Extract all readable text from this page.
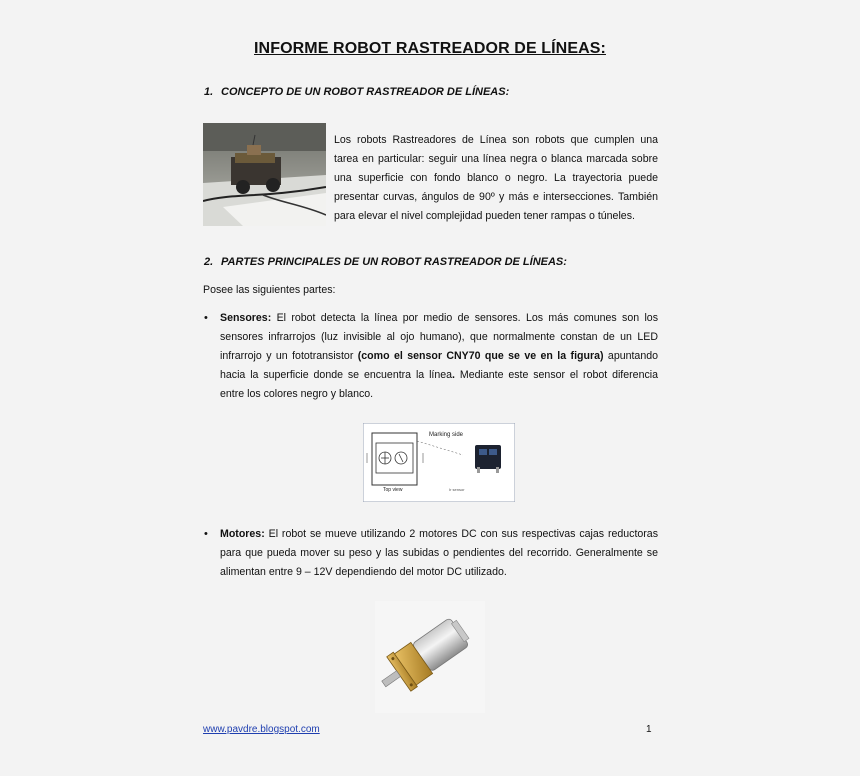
INFORME ROBOT RASTREADOR DE LÍNEAS:
1. CONCEPTO DE UN ROBOT RASTREADOR DE LÍNEAS:
Los robots Rastreadores de Línea son robots que cumplen una
tarea en particular: seguir una línea negra o blanca marcada sobre
una superficie con fondo blanco o negro. La trayectoria puede
presentar curvas, ángulos de 90º y más e intersecciones. También
para elevar el nivel complejidad pueden tener rampas o túneles.
2. PARTES PRINCIPALES DE UN ROBOT RASTREADOR DE LÍNEAS:
Posee las siguientes partes:
• Sensores: El robot detecta la línea por medio de sensores. Los más comunes son los sensores infrarrojos (luz invisible al ojo humano), que normalmente constan de un LED infrarrojo y un fototransistor (como el sensor CNY70 que se ve en la figura) apuntando hacia la superficie donde se encuentra la línea. Mediante este sensor el robot diferencia entre los colores negro y blanco.
Marking side
Top view	Ir sensor
• Motores: El robot se mueve utilizando 2 motores DC con sus respectivas cajas reductoras para que pueda mover su peso y las subidas o pendientes del recorrido. Generalmente se alimentan entre 9 – 12V dependiendo del motor DC utilizado.
www.pavdre.blogspot.com	1
